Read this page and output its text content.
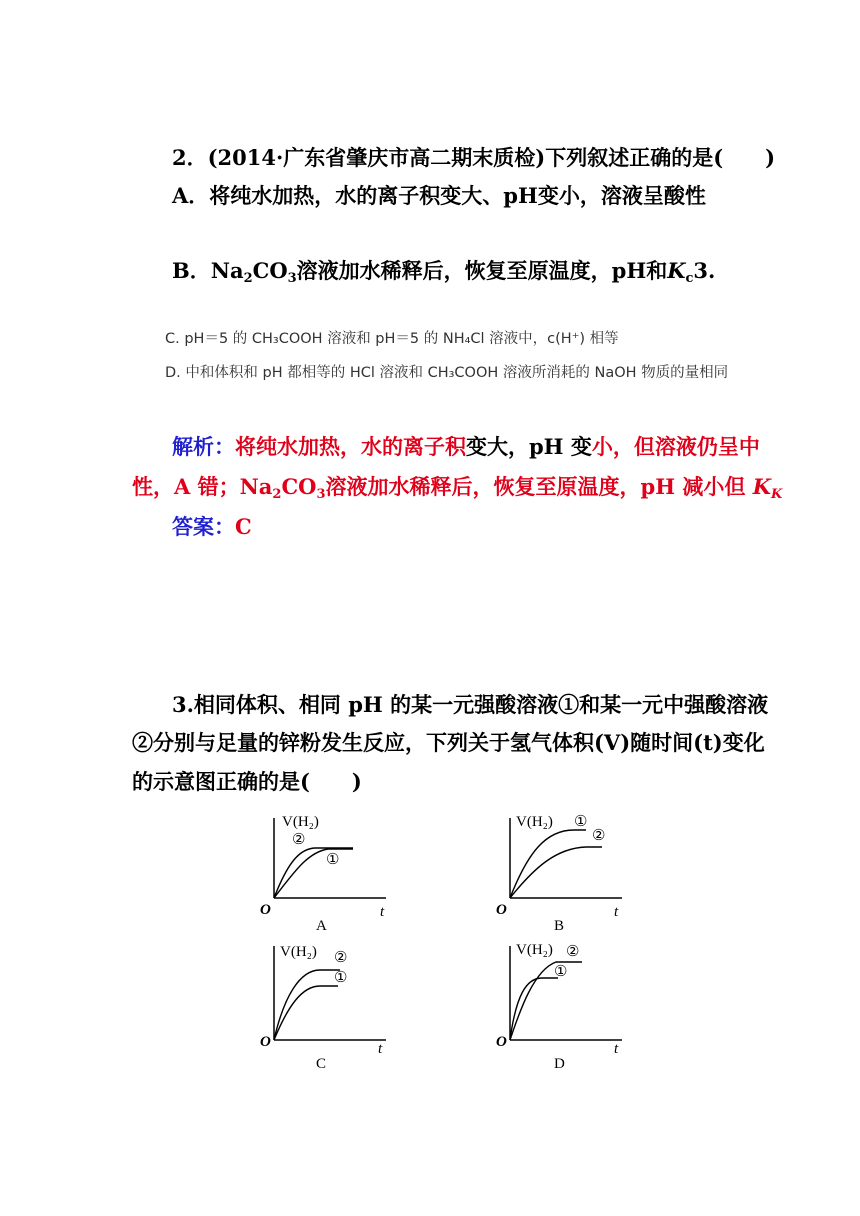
2．(2014·广东省肇庆市高二期末质检)下列叙述正确的是(　　)
A．将纯水加热，水的离子积变大、pH变小，溶液呈酸性
B．$Na_2CO_3$溶液加水稀释后，恢复至原温度，pH和$K_c3$.
C. pH＝5 的 CH₃COOH 溶液和 pH＝5 的 NH₄Cl 溶液中，c(H⁺) 相等
D. 中和体积和 pH 都相等的 HCl 溶液和 CH₃COOH 溶液所消耗的 NaOH 物质的量相同
解析：将纯水加热，水的离子积变大，pH 变小，但溶液仍呈中
性，A 错；$Na_2CO_3$溶液加水稀释后，恢复至原温度，pH 减小但 $K_K$
答案：C
3.相同体积、相同 pH 的某一元强酸溶液①和某一元中强酸溶液
②分别与足量的锌粉发生反应，下列关于氢气体积(V)随时间(t)变化
的示意图正确的是(　　)
V(H₂)
②
①
O	t
A
V(H₂) ①
②
O	t
B
V(H₂) ②
①
O	t
C
V(H₂) ②
①
O	t
D
